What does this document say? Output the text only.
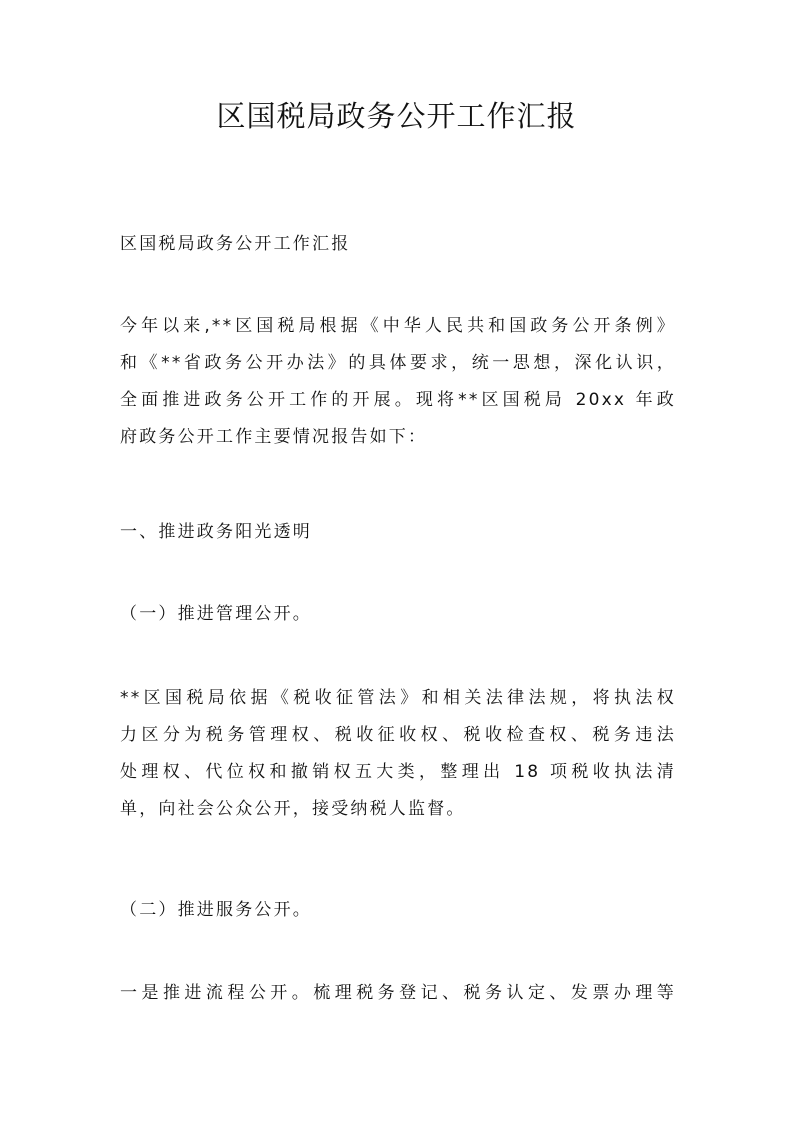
区国税局政务公开工作汇报

区国税局政务公开工作汇报

今年以来,**区国税局根据《中华人民共和国政务公开条例》
和《**省政务公开办法》的具体要求，统一思想，深化认识，
全面推进政务公开工作的开展。现将**区国税局 20xx 年政
府政务公开工作主要情况报告如下：

一、推进政务阳光透明

（一）推进管理公开。

**区国税局依据《税收征管法》和相关法律法规，将执法权
力区分为税务管理权、税收征收权、税收检查权、税务违法
处理权、代位权和撤销权五大类，整理出 18 项税收执法清
单，向社会公众公开，接受纳税人监督。

（二）推进服务公开。

一是推进流程公开。梳理税务登记、税务认定、发票办理等
